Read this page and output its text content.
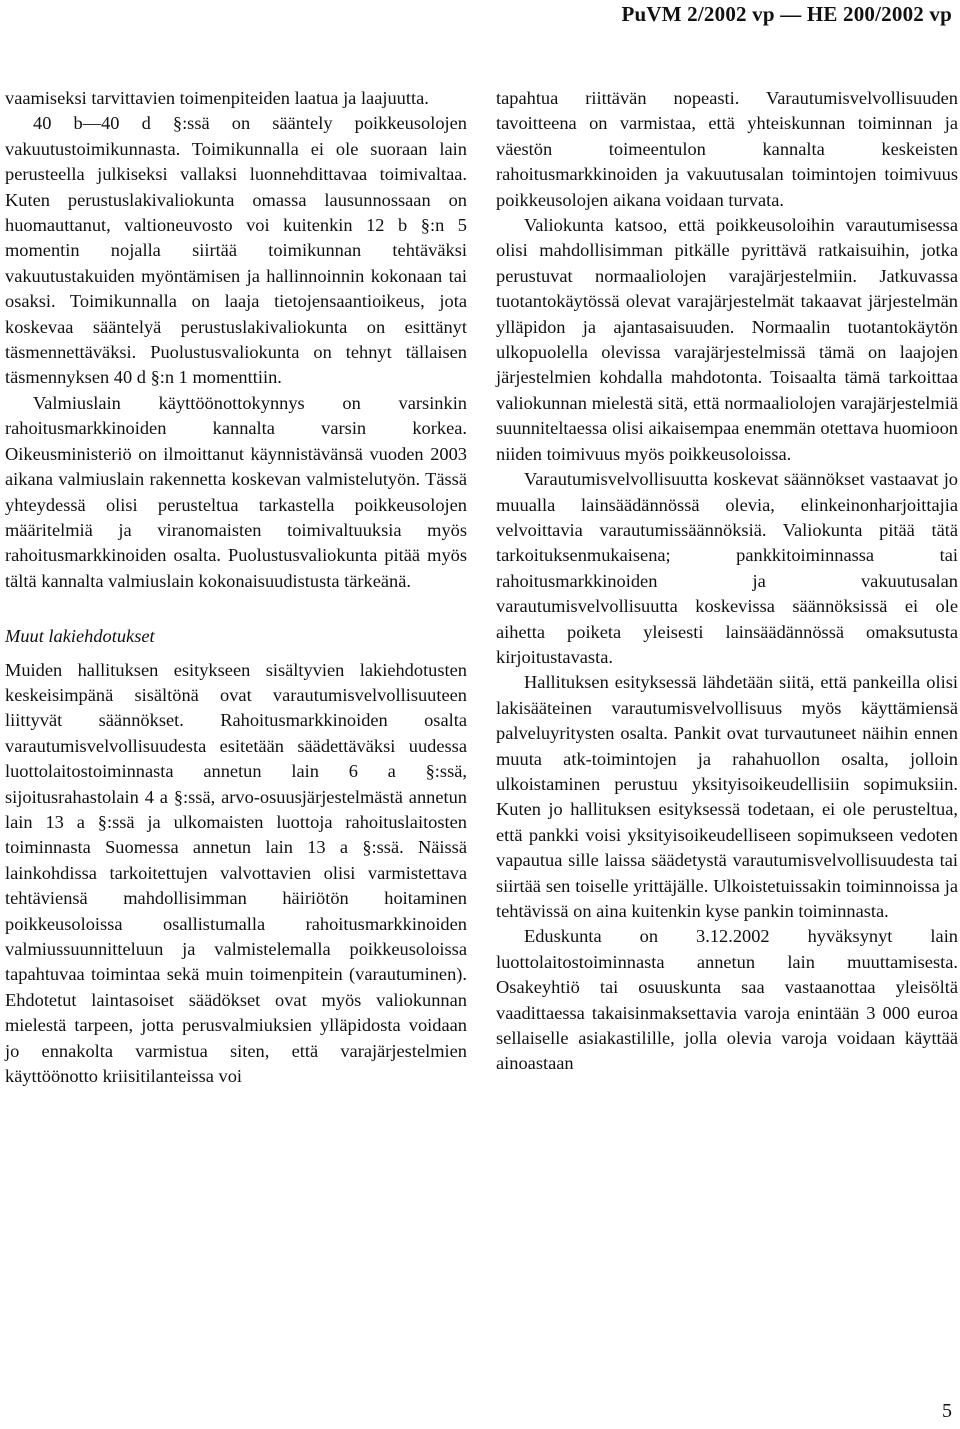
PuVM 2/2002 vp — HE 200/2002 vp

vaamiseksi tarvittavien toimenpiteiden laatua ja laajuutta.

40 b—40 d §:ssä on sääntely poikkeusolojen vakuutustoimikunnasta. Toimikunnalla ei ole suoraan lain perusteella julkiseksi vallaksi luonnehdittavaa toimivaltaa. Kuten perustuslakivaliokunta omassa lausunnossaan on huomauttanut, valtioneuvosto voi kuitenkin 12 b §:n 5 momentin nojalla siirtää toimikunnan tehtäväksi vakuutustakuiden myöntämisen ja hallinnoinnin kokonaan tai osaksi. Toimikunnalla on laaja tietojensaantioikeus, jota koskevaa sääntelyä perustuslakivaliokunta on esittänyt täsmennettäväksi. Puolustusvaliokunta on tehnyt tällaisen täsmennyksen 40 d §:n 1 momenttiin.

Valmiuslain käyttöönottokynnys on varsinkin rahoitusmarkkinoiden kannalta varsin korkea. Oikeusministeriö on ilmoittanut käynnistävänsä vuoden 2003 aikana valmiuslain rakennetta koskevan valmistelutyön. Tässä yhteydessä olisi perusteltua tarkastella poikkeusolojen määritelmiä ja viranomaisten toimivaltuuksia myös rahoitusmarkkinoiden osalta. Puolustusvaliokunta pitää myös tältä kannalta valmiuslain kokonaisuudistusta tärkeänä.

Muut lakiehdotukset

Muiden hallituksen esitykseen sisältyvien lakiehdotusten keskeisimpänä sisältönä ovat varautumisvelvollisuuteen liittyvät säännökset. Rahoitusmarkkinoiden osalta varautumisvelvollisuudesta esitetään säädettäväksi uudessa luottolaitostoiminnasta annetun lain 6 a §:ssä, sijoitusrahastolain 4 a §:ssä, arvo-osuusjärjestelmästä annetun lain 13 a §:ssä ja ulkomaisten luottoja rahoituslaitosten toiminnasta Suomessa annetun lain 13 a §:ssä. Näissä lainkohdissa tarkoitettujen valvottavien olisi varmistettava tehtäviensä mahdollisimman häiriötön hoitaminen poikkeusoloissa osallistumalla rahoitusmarkkinoiden valmiussuunnitteluun ja valmistelemalla poikkeusoloissa tapahtuvaa toimintaa sekä muin toimenpitein (varautuminen). Ehdotetut laintasoiset säädökset ovat myös valiokunnan mielestä tarpeen, jotta perusvalmiuksien ylläpidosta voidaan jo ennakolta varmistua siten, että varajärjestelmien käyttöönotto kriisitilanteissa voi

tapahtua riittävän nopeasti. Varautumisvelvollisuuden tavoitteena on varmistaa, että yhteiskunnan toiminnan ja väestön toimeentulon kannalta keskeisten rahoitusmarkkinoiden ja vakuutusalan toimintojen toimivuus poikkeusolojen aikana voidaan turvata.

Valiokunta katsoo, että poikkeusoloihin varautumisessa olisi mahdollisimman pitkälle pyrittävä ratkaisuihin, jotka perustuvat normaaliolojen varajärjestelmiin. Jatkuvassa tuotantokäytössä olevat varajärjestelmät takaavat järjestelmän ylläpidon ja ajantasaisuuden. Normaalin tuotantokäytön ulkopuolella olevissa varajärjestelmissä tämä on laajojen järjestelmien kohdalla mahdotonta. Toisaalta tämä tarkoittaa valiokunnan mielestä sitä, että normaaliolojen varajärjestelmiä suunniteltaessa olisi aikaisempaa enemmän otettava huomioon niiden toimivuus myös poikkeusoloissa.

Varautumisvelvollisuutta koskevat säännökset vastaavat jo muualla lainsäädännössä olevia, elinkeinonharjoittajia velvoittavia varautumissäännöksiä. Valiokunta pitää tätä tarkoituksenmukaisena; pankkitoiminnassa tai rahoitusmarkkinoiden ja vakuutusalan varautumisvelvollisuutta koskevissa säännöksissä ei ole aihetta poiketa yleisesti lainsäädännössä omaksutusta kirjoitustavasta.

Hallituksen esityksessä lähdetään siitä, että pankeilla olisi lakisääteinen varautumisvelvollisuus myös käyttämiensä palveluyritysten osalta. Pankit ovat turvautuneet näihin ennen muuta atk-toimintojen ja rahahuollon osalta, jolloin ulkoistaminen perustuu yksityisoikeudellisiin sopimuksiin. Kuten jo hallituksen esityksessä todetaan, ei ole perusteltua, että pankki voisi yksityisoikeudelliseen sopimukseen vedoten vapautua sille laissa säädetystä varautumisvelvollisuudesta tai siirtää sen toiselle yrittäjälle. Ulkoistetuissakin toiminnoissa ja tehtävissä on aina kuitenkin kyse pankin toiminnasta.

Eduskunta on 3.12.2002 hyväksynyt lain luottolaitostoiminnasta annetun lain muuttamisesta. Osakeyhtiö tai osuuskunta saa vastaanottaa yleisöltä vaadittaessa takaisinmaksettavia varoja enintään 3 000 euroa sellaiselle asiakastilille, jolla olevia varoja voidaan käyttää ainoastaan

5
